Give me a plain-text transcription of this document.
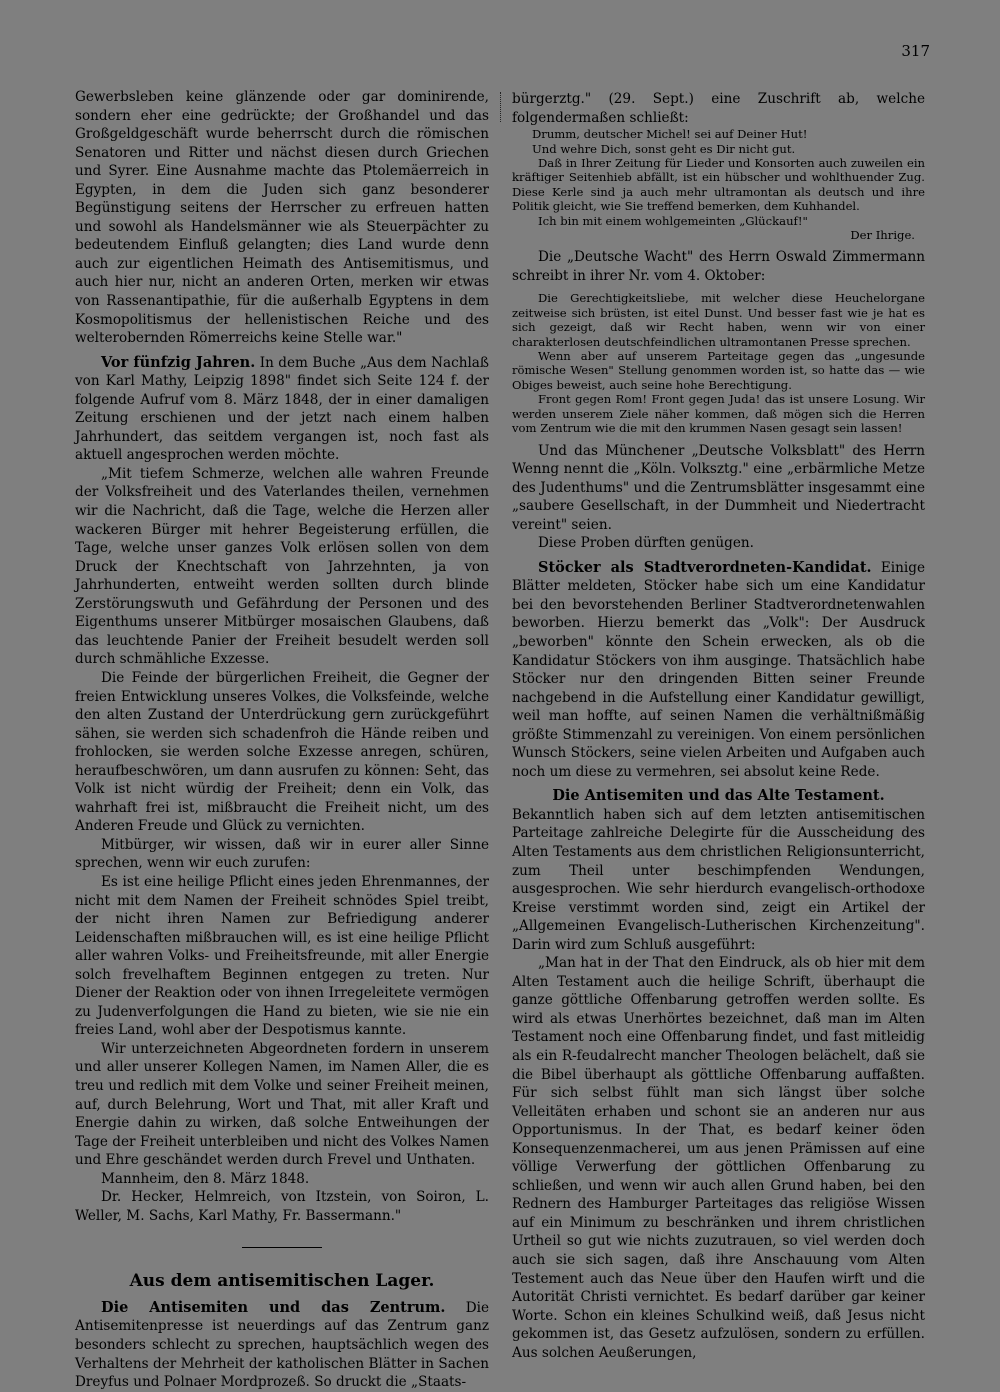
317

Gewerbsleben keine glänzende oder gar dominirende, sondern eher eine gedrückte; der Großhandel und das Großgeldgeschäft wurde beherrscht durch die römischen Senatoren und Ritter und nächst diesen durch Griechen und Syrer. Eine Ausnahme machte das Ptolemäerreich in Egypten, in dem die Juden sich ganz besonderer Begünstigung seitens der Herrscher zu erfreuen hatten und sowohl als Handelsmänner wie als Steuerpächter zu bedeutendem Einfluß gelangten; dies Land wurde denn auch zur eigentlichen Heimath des Antisemitismus, und auch hier nur, nicht an anderen Orten, merken wir etwas von Rassenantipathie, für die außerhalb Egyptens in dem Kosmopolitismus der hellenistischen Reiche und des welterobernden Römerreichs keine Stelle war."

Vor fünfzig Jahren. In dem Buche „Aus dem Nachlaß von Karl Mathy, Leipzig 1898" findet sich Seite 124 f. der folgende Aufruf vom 8. März 1848, der in einer damaligen Zeitung erschienen und der jetzt nach einem halben Jahrhundert, das seitdem vergangen ist, noch fast als aktuell angesprochen werden möchte.

„Mit tiefem Schmerze, welchen alle wahren Freunde der Volksfreiheit und des Vaterlandes theilen, vernehmen wir die Nachricht, daß die Tage, welche die Herzen aller wackeren Bürger mit hehrer Begeisterung erfüllen, die Tage, welche unser ganzes Volk erlösen sollen von dem Druck der Knechtschaft von Jahrzehnten, ja von Jahrhunderten, entweiht werden sollten durch blinde Zerstörungswuth und Gefährdung der Personen und des Eigenthums unserer Mitbürger mosaischen Glaubens, daß das leuchtende Panier der Freiheit besudelt werden soll durch schmähliche Exzesse.

Die Feinde der bürgerlichen Freiheit, die Gegner der freien Entwicklung unseres Volkes, die Volksfeinde, welche den alten Zustand der Unterdrückung gern zurückgeführt sähen, sie werden sich schadenfroh die Hände reiben und frohlocken, sie werden solche Exzesse anregen, schüren, heraufbeschwören, um dann ausrufen zu können: Seht, das Volk ist nicht würdig der Freiheit; denn ein Volk, das wahrhaft frei ist, mißbraucht die Freiheit nicht, um des Anderen Freude und Glück zu vernichten.

Mitbürger, wir wissen, daß wir in eurer aller Sinne sprechen, wenn wir euch zurufen:

Es ist eine heilige Pflicht eines jeden Ehrenmannes, der nicht mit dem Namen der Freiheit schnödes Spiel treibt, der nicht ihren Namen zur Befriedigung anderer Leidenschaften mißbrauchen will, es ist eine heilige Pflicht aller wahren Volks- und Freiheitsfreunde, mit aller Energie solch frevelhaftem Beginnen entgegen zu treten. Nur Diener der Reaktion oder von ihnen Irregeleitete vermögen zu Judenverfolgungen die Hand zu bieten, wie sie nie ein freies Land, wohl aber der Despotismus kannte.

Wir unterzeichneten Abgeordneten fordern in unserem und aller unserer Kollegen Namen, im Namen Aller, die es treu und redlich mit dem Volke und seiner Freiheit meinen, auf, durch Belehrung, Wort und That, mit aller Kraft und Energie dahin zu wirken, daß solche Entweihungen der Tage der Freiheit unterbleiben und nicht des Volkes Namen und Ehre geschändet werden durch Frevel und Unthaten.

Mannheim, den 8. März 1848.

Dr. Hecker, Helmreich, von Itzstein, von Soiron, L. Weller, M. Sachs, Karl Mathy, Fr. Bassermann."

Aus dem antisemitischen Lager.

Die Antisemiten und das Zentrum. Die Antisemitenpresse ist neuerdings auf das Zentrum ganz besonders schlecht zu sprechen, hauptsächlich wegen des Verhaltens der Mehrheit der katholischen Blätter in Sachen Dreyfus und Polnaer Mordprozeß. So druckt die „Staats-

bürgerztg." (29. Sept.) eine Zuschrift ab, welche folgendermaßen schließt:

Drumm, deutscher Michel! sei auf Deiner Hut!

Und wehre Dich, sonst geht es Dir nicht gut.

Daß in Ihrer Zeitung für Lieder und Konsorten auch zuweilen ein kräftiger Seitenhieb abfällt, ist ein hübscher und wohlthuender Zug. Diese Kerle sind ja auch mehr ultramontan als deutsch und ihre Politik gleicht, wie Sie treffend bemerken, dem Kuhhandel.

Ich bin mit einem wohlgemeinten „Glückauf!"

Der Ihrige.

Die „Deutsche Wacht" des Herrn Oswald Zimmermann schreibt in ihrer Nr. vom 4. Oktober:

Die Gerechtigkeitsliebe, mit welcher diese Heuchelorgane zeitweise sich brüsten, ist eitel Dunst. Und besser fast wie je hat es sich gezeigt, daß wir Recht haben, wenn wir von einer charakterlosen deutschfeindlichen ultramontanen Presse sprechen.

Wenn aber auf unserem Parteitage gegen das „ungesunde römische Wesen" Stellung genommen worden ist, so hatte das — wie Obiges beweist, auch seine hohe Berechtigung.

Front gegen Rom! Front gegen Juda! das ist unsere Losung. Wir werden unserem Ziele näher kommen, daß mögen sich die Herren vom Zentrum wie die mit den krummen Nasen gesagt sein lassen!

Und das Münchener „Deutsche Volksblatt" des Herrn Wenng nennt die „Köln. Volksztg." eine „erbärmliche Metze des Judenthums" und die Zentrumsblätter insgesammt eine „saubere Gesellschaft, in der Dummheit und Niedertracht vereint" seien.

Diese Proben dürften genügen.

Stöcker als Stadtverordneten-Kandidat. Einige Blätter meldeten, Stöcker habe sich um eine Kandidatur bei den bevorstehenden Berliner Stadtverordnetenwahlen beworben. Hierzu bemerkt das „Volk": Der Ausdruck „beworben" könnte den Schein erwecken, als ob die Kandidatur Stöckers von ihm ausginge. Thatsächlich habe Stöcker nur den dringenden Bitten seiner Freunde nachgebend in die Aufstellung einer Kandidatur gewilligt, weil man hoffte, auf seinen Namen die verhältnißmäßig größte Stimmenzahl zu vereinigen. Von einem persönlichen Wunsch Stöckers, seine vielen Arbeiten und Aufgaben auch noch um diese zu vermehren, sei absolut keine Rede.

Die Antisemiten und das Alte Testament.

Bekanntlich haben sich auf dem letzten antisemitischen Parteitage zahlreiche Delegirte für die Ausscheidung des Alten Testaments aus dem christlichen Religionsunterricht, zum Theil unter beschimpfenden Wendungen, ausgesprochen. Wie sehr hierdurch evangelisch-orthodoxe Kreise verstimmt worden sind, zeigt ein Artikel der „Allgemeinen Evangelisch-Lutherischen Kirchenzeitung". Darin wird zum Schluß ausgeführt:

„Man hat in der That den Eindruck, als ob hier mit dem Alten Testament auch die heilige Schrift, überhaupt die ganze göttliche Offenbarung getroffen werden sollte. Es wird als etwas Unerhörtes bezeichnet, daß man im Alten Testament noch eine Offenbarung findet, und fast mitleidig als ein R-feudalrecht mancher Theologen belächelt, daß sie die Bibel überhaupt als göttliche Offenbarung auffaßten. Für sich selbst fühlt man sich längst über solche Velleitäten erhaben und schont sie an anderen nur aus Opportunismus. In der That, es bedarf keiner öden Konsequenzenmacherei, um aus jenen Prämissen auf eine völlige Verwerfung der göttlichen Offenbarung zu schließen, und wenn wir auch allen Grund haben, bei den Rednern des Hamburger Parteitages das religiöse Wissen auf ein Minimum zu beschränken und ihrem christlichen Urtheil so gut wie nichts zuzutrauen, so viel werden doch auch sie sich sagen, daß ihre Anschauung vom Alten Testement auch das Neue über den Haufen wirft und die Autorität Christi vernichtet. Es bedarf darüber gar keiner Worte. Schon ein kleines Schulkind weiß, daß Jesus nicht gekommen ist, das Gesetz aufzulösen, sondern zu erfüllen. Aus solchen Aeußerungen,
